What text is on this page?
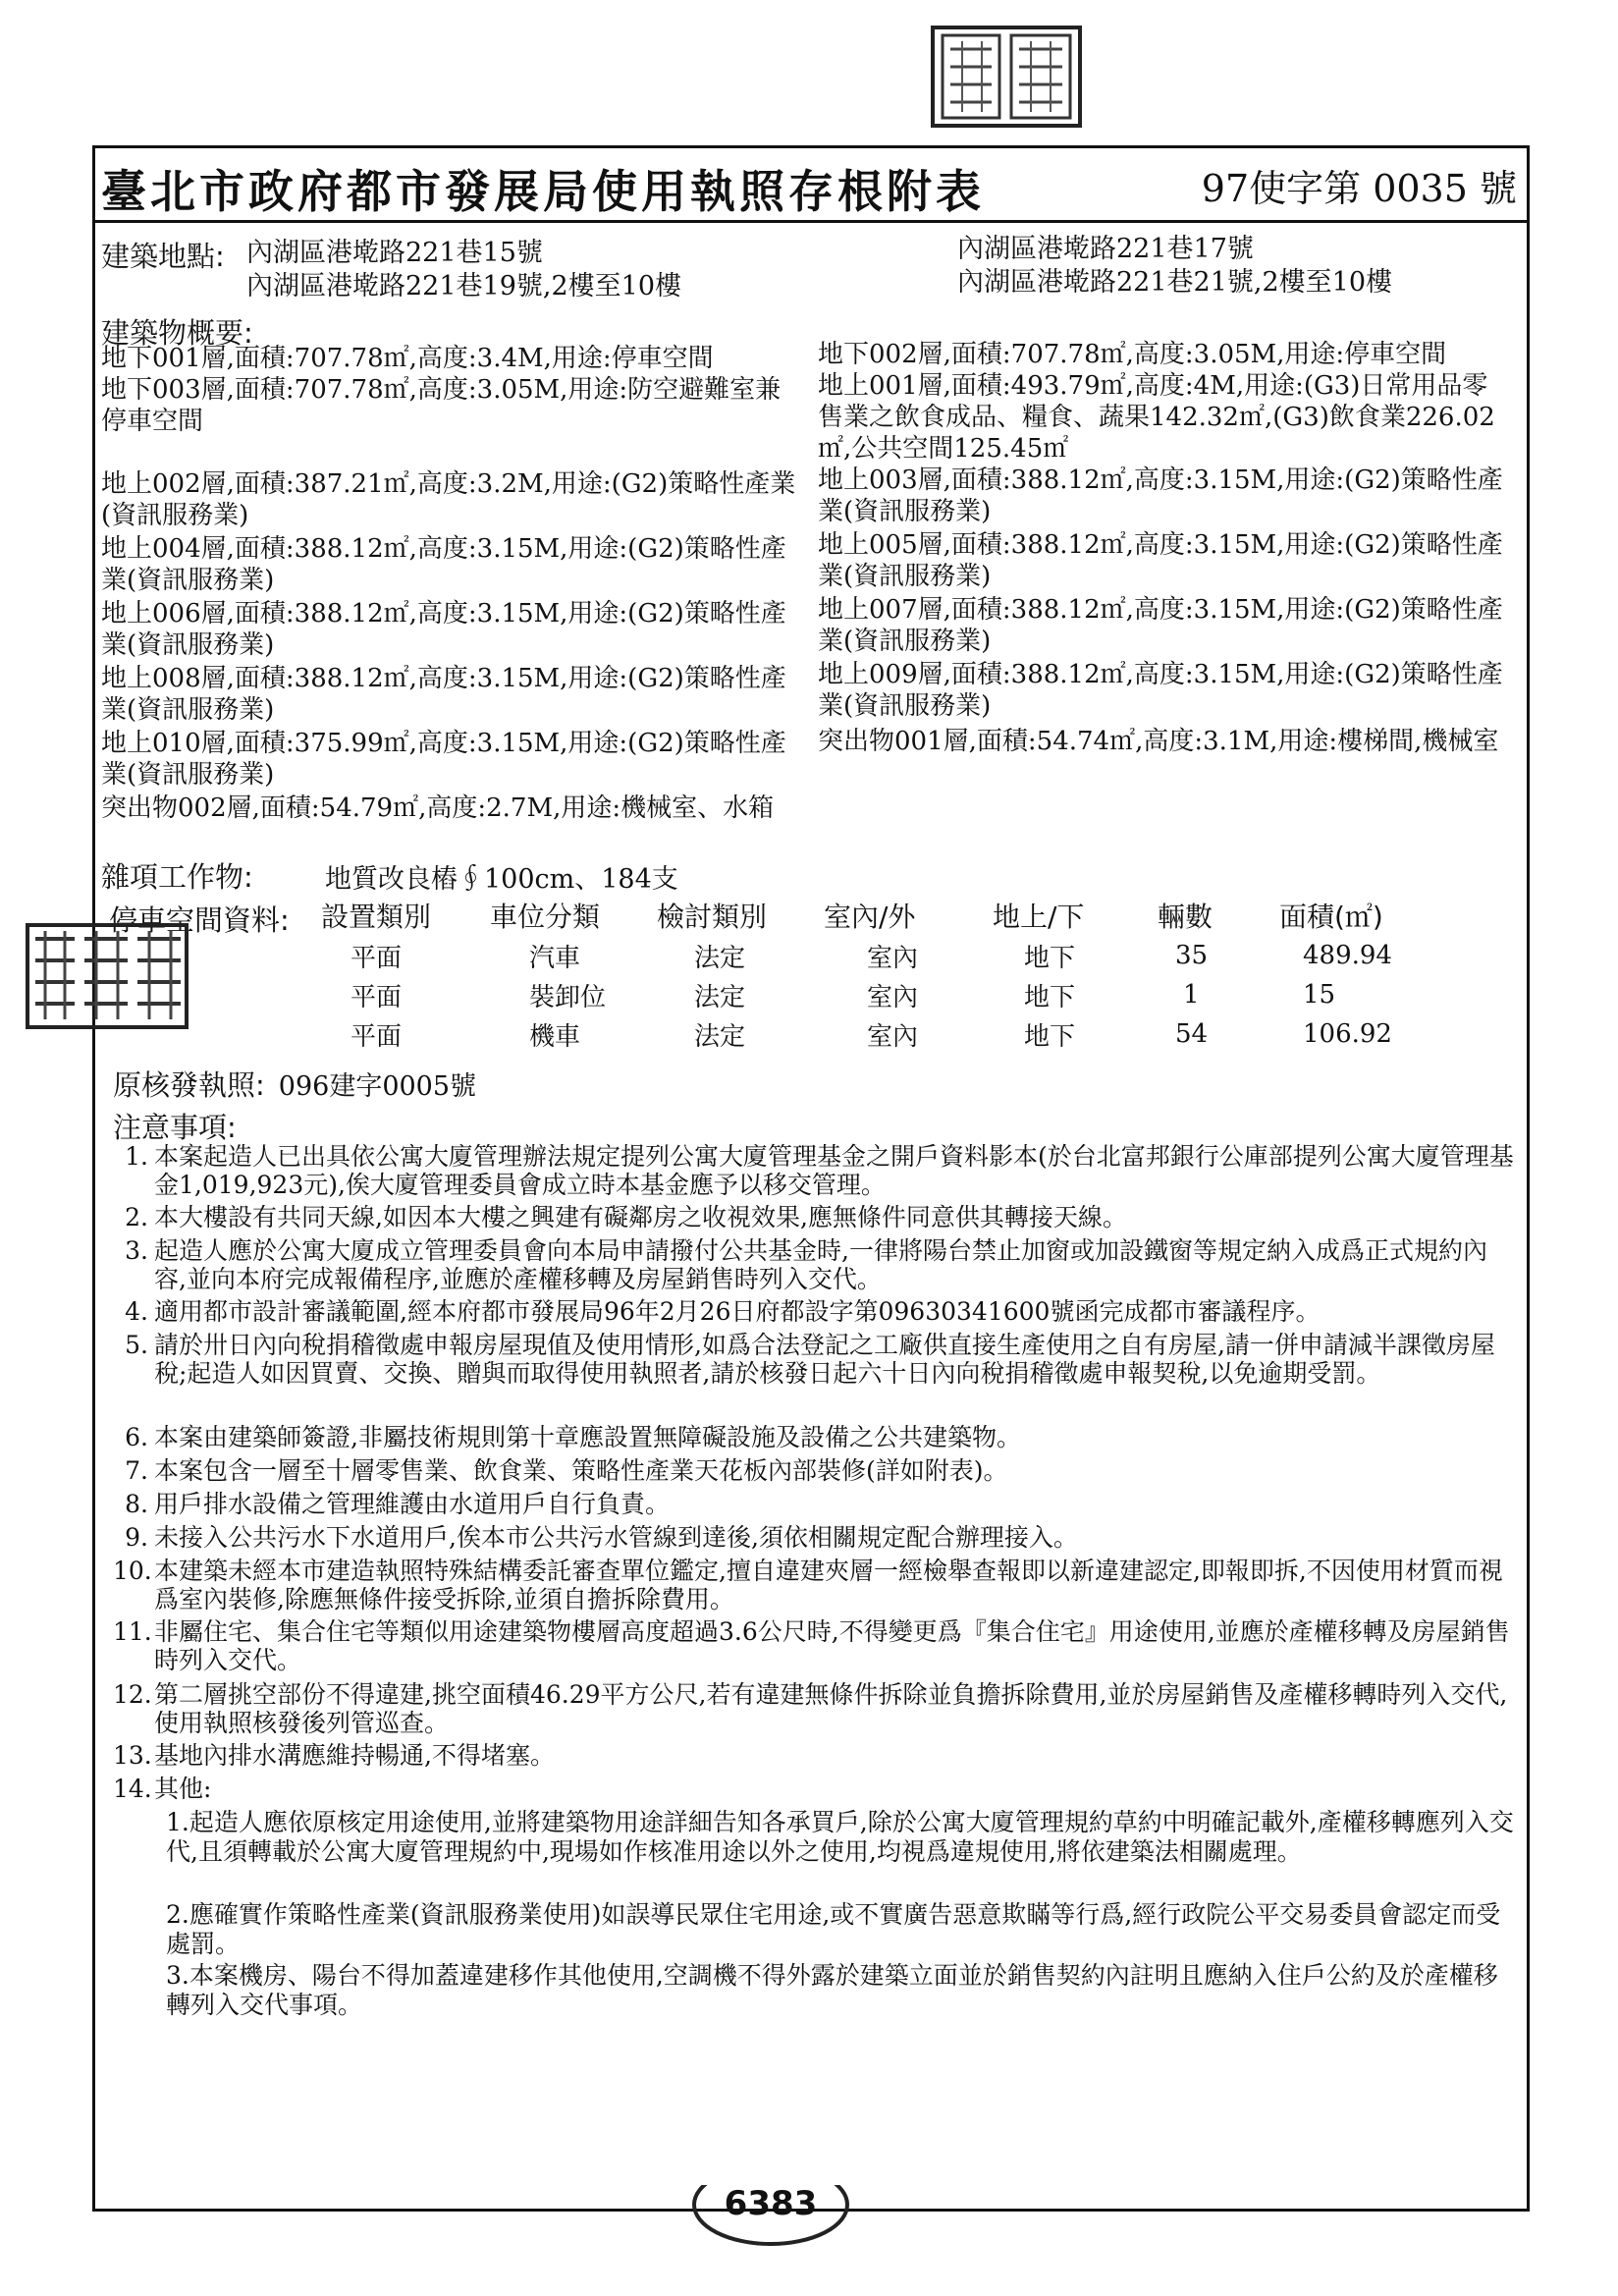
臺北市政府都市發展局使用執照存根附表	97使字第 0035 號
建築地點: 內湖區港墘路221巷15號
內湖區港墘路221巷19號,2樓至10樓
內湖區港墘路221巷17號
內湖區港墘路221巷21號,2樓至10樓
建築物概要:
地下001層,面積:707.78㎡,高度:3.4M,用途:停車空間	地下002層,面積:707.78㎡,高度:3.05M,用途:停車空間
地下003層,面積:707.78㎡,高度:3.05M,用途:防空避難室兼停車空間
地上001層,面積:493.79㎡,高度:4M,用途:(G3)日常用品零售業之飲食成品、糧食、蔬果142.32㎡,(G3)飲食業226.02㎡,公共空間125.45㎡
地上002層,面積:387.21㎡,高度:3.2M,用途:(G2)策略性產業(資訊服務業)
地上003層,面積:388.12㎡,高度:3.15M,用途:(G2)策略性產業(資訊服務業)
地上004層,面積:388.12㎡,高度:3.15M,用途:(G2)策略性產業(資訊服務業)
地上005層,面積:388.12㎡,高度:3.15M,用途:(G2)策略性產業(資訊服務業)
地上006層,面積:388.12㎡,高度:3.15M,用途:(G2)策略性產業(資訊服務業)
地上007層,面積:388.12㎡,高度:3.15M,用途:(G2)策略性產業(資訊服務業)
地上008層,面積:388.12㎡,高度:3.15M,用途:(G2)策略性產業(資訊服務業)
地上009層,面積:388.12㎡,高度:3.15M,用途:(G2)策略性產業(資訊服務業)
地上010層,面積:375.99㎡,高度:3.15M,用途:(G2)策略性產業(資訊服務業)
突出物001層,面積:54.74㎡,高度:3.1M,用途:樓梯間,機械室
突出物002層,面積:54.79㎡,高度:2.7M,用途:機械室、水箱
雜項工作物:	地質改良樁∮100cm、184支
停車空間資料: 設置類別	車位分類	檢討類別	室內/外	地上/下	輛數	面積(㎡)
平面	汽車	法定	室內	地下	35	489.94
平面	裝卸位	法定	室內	地下	1	15
平面	機車	法定	室內	地下	54	106.92
原核發執照: 096建字0005號
注意事項:
1. 本案起造人已出具依公寓大廈管理辦法規定提列公寓大廈管理基金之開戶資料影本(於台北富邦銀行公庫部提列公寓大廈管理基金1,019,923元),俟大廈管理委員會成立時本基金應予以移交管理。
2. 本大樓設有共同天線,如因本大樓之興建有礙鄰房之收視效果,應無條件同意供其轉接天線。
3. 起造人應於公寓大廈成立管理委員會向本局申請撥付公共基金時,一律將陽台禁止加窗或加設鐵窗等規定納入成爲正式規約內容,並向本府完成報備程序,並應於產權移轉及房屋銷售時列入交代。
4. 適用都市設計審議範圍,經本府都市發展局96年2月26日府都設字第09630341600號函完成都市審議程序。
5. 請於卅日內向稅捐稽徵處申報房屋現值及使用情形,如爲合法登記之工廠供直接生產使用之自有房屋,請一併申請減半課徵房屋稅;起造人如因買賣、交換、贈與而取得使用執照者,請於核發日起六十日內向稅捐稽徵處申報契稅,以免逾期受罰。
6. 本案由建築師簽證,非屬技術規則第十章應設置無障礙設施及設備之公共建築物。
7. 本案包含一層至十層零售業、飲食業、策略性產業天花板內部裝修(詳如附表)。
8. 用戶排水設備之管理維護由水道用戶自行負責。
9. 未接入公共污水下水道用戶,俟本市公共污水管線到達後,須依相關規定配合辦理接入。
10. 本建築未經本市建造執照特殊結構委託審查單位鑑定,擅自違建夾層一經檢舉查報即以新違建認定,即報即拆,不因使用材質而視爲室內裝修,除應無條件接受拆除,並須自擔拆除費用。
11. 非屬住宅、集合住宅等類似用途建築物樓層高度超過3.6公尺時,不得變更爲『集合住宅』用途使用,並應於產權移轉及房屋銷售時列入交代。
12. 第二層挑空部份不得違建,挑空面積46.29平方公尺,若有違建無條件拆除並負擔拆除費用,並於房屋銷售及產權移轉時列入交代,使用執照核發後列管巡查。
13. 基地內排水溝應維持暢通,不得堵塞。
14. 其他:
1.起造人應依原核定用途使用,並將建築物用途詳細告知各承買戶,除於公寓大廈管理規約草約中明確記載外,產權移轉應列入交代,且須轉載於公寓大廈管理規約中,現場如作核准用途以外之使用,均視爲違規使用,將依建築法相關處理。
2.應確實作策略性產業(資訊服務業使用)如誤導民眾住宅用途,或不實廣告惡意欺瞞等行爲,經行政院公平交易委員會認定而受處罰。
3.本案機房、陽台不得加蓋違建移作其他使用,空調機不得外露於建築立面並於銷售契約內註明且應納入住戶公約及於產權移轉列入交代事項。
6383
